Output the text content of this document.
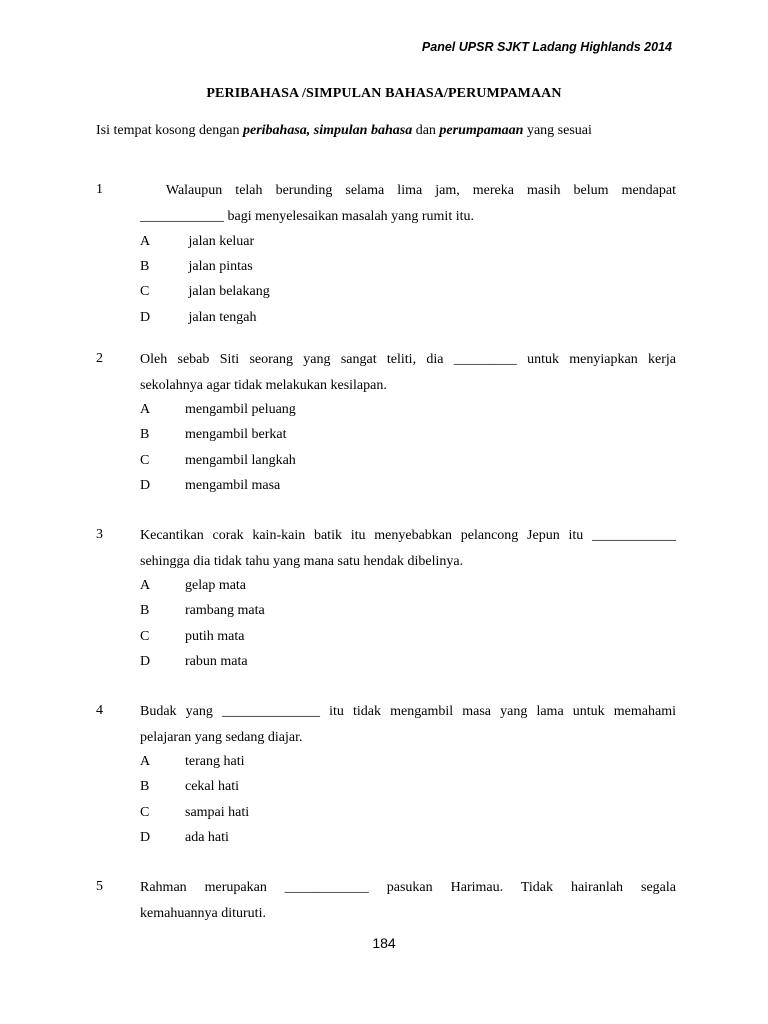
Panel UPSR SJKT Ladang Highlands 2014
PERIBAHASA /SIMPULAN BAHASA/PERUMPAMAAN
Isi tempat kosong dengan peribahasa, simpulan bahasa dan perumpamaan yang sesuai
1	Walaupun telah berunding selama lima jam, mereka masih belum mendapat
____________ bagi menyelesaikan masalah yang rumit itu.
A jalan keluar
B	jalan pintas
C	jalan belakang
D jalan tengah
2	Oleh sebab Siti seorang yang sangat teliti, dia _________ untuk menyiapkan kerja
sekolahnya agar tidak melakukan kesilapan.
A mengambil peluang
B	mengambil berkat
C	mengambil langkah
D mengambil masa
3	Kecantikan corak kain-kain batik itu menyebabkan pelancong Jepun itu ____________
sehingga dia tidak tahu yang mana satu hendak dibelinya.
A gelap mata
B	rambang mata
C	putih mata
D rabun mata
4	Budak yang ______________ itu tidak mengambil masa yang lama untuk memahami
pelajaran yang sedang diajar.
A terang hati
B	cekal hati
C	sampai hati
D ada hati
5	Rahman merupakan ____________ pasukan Harimau. Tidak hairanlah segala
kemahuannya dituruti.
184
